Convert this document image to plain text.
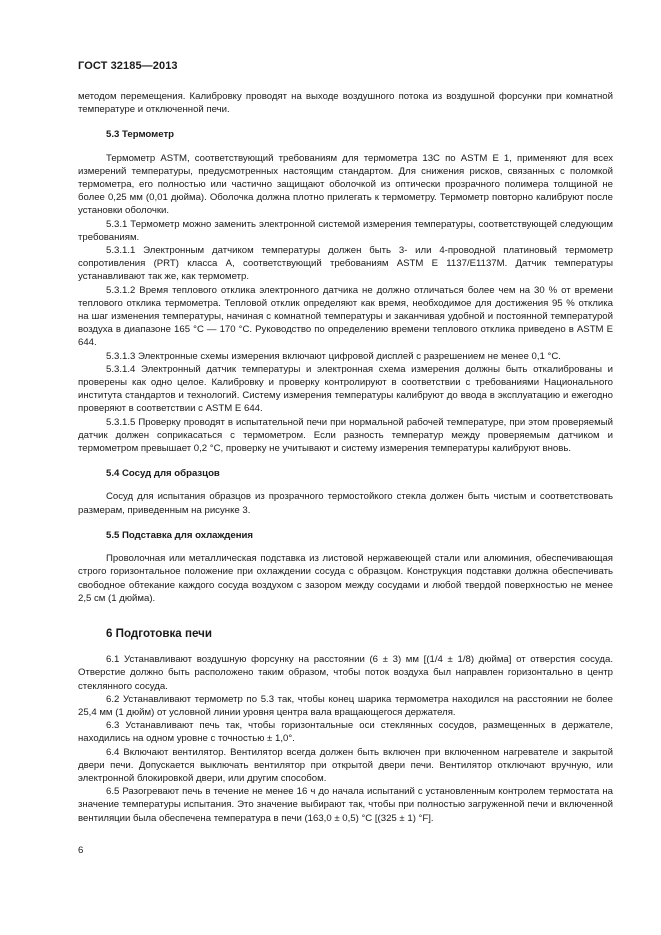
ГОСТ 32185—2013

методом перемещения. Калибровку проводят на выходе воздушного потока из воздушной форсунки при комнатной температуре и отключенной печи.

5.3 Термометр

Термометр ASTM, соответствующий требованиям для термометра 13С по ASTM E 1, применяют для всех измерений температуры, предусмотренных настоящим стандартом. Для снижения рисков, связанных с поломкой термометра, его полностью или частично защищают оболочкой из оптически прозрачного полимера толщиной не более 0,25 мм (0,01 дюйма). Оболочка должна плотно прилегать к термометру. Термометр повторно калибруют после установки оболочки.

5.3.1 Термометр можно заменить электронной системой измерения температуры, соответствующей следующим требованиям.

5.3.1.1 Электронным датчиком температуры должен быть 3- или 4-проводной платиновый термометр сопротивления (PRT) класса A, соответствующий требованиям ASTM E 1137/E1137M. Датчик температуры устанавливают так же, как термометр.

5.3.1.2 Время теплового отклика электронного датчика не должно отличаться более чем на 30 % от времени теплового отклика термометра. Тепловой отклик определяют как время, необходимое для достижения 95 % отклика на шаг изменения температуры, начиная с комнатной температуры и заканчивая удобной и постоянной температурой воздуха в диапазоне 165 °С — 170 °С. Руководство по определению времени теплового отклика приведено в ASTM E 644.

5.3.1.3 Электронные схемы измерения включают цифровой дисплей с разрешением не менее 0,1 °С.

5.3.1.4 Электронный датчик температуры и электронная схема измерения должны быть откалиброваны и проверены как одно целое. Калибровку и проверку контролируют в соответствии с требованиями Национального института стандартов и технологий. Систему измерения температуры калибруют до ввода в эксплуатацию и ежегодно проверяют в соответствии с ASTM E 644.

5.3.1.5 Проверку проводят в испытательной печи при нормальной рабочей температуре, при этом проверяемый датчик должен соприкасаться с термометром. Если разность температур между проверяемым датчиком и термометром превышает 0,2 °С, проверку не учитывают и систему измерения температуры калибруют вновь.

5.4 Сосуд для образцов

Сосуд для испытания образцов из прозрачного термостойкого стекла должен быть чистым и соответствовать размерам, приведенным на рисунке 3.

5.5 Подставка для охлаждения

Проволочная или металлическая подставка из листовой нержавеющей стали или алюминия, обеспечивающая строго горизонтальное положение при охлаждении сосуда с образцом. Конструкция подставки должна обеспечивать свободное обтекание каждого сосуда воздухом с зазором между сосудами и любой твердой поверхностью не менее 2,5 см (1 дюйма).

6 Подготовка печи

6.1 Устанавливают воздушную форсунку на расстоянии (6 ± 3) мм [(1/4 ± 1/8) дюйма] от отверстия сосуда. Отверстие должно быть расположено таким образом, чтобы поток воздуха был направлен горизонтально в центр стеклянного сосуда.

6.2 Устанавливают термометр по 5.3 так, чтобы конец шарика термометра находился на расстоянии не более 25,4 мм (1 дюйм) от условной линии уровня центра вала вращающегося держателя.

6.3 Устанавливают печь так, чтобы горизонтальные оси стеклянных сосудов, размещенных в держателе, находились на одном уровне с точностью ± 1,0°.

6.4 Включают вентилятор. Вентилятор всегда должен быть включен при включенном нагревателе и закрытой двери печи. Допускается выключать вентилятор при открытой двери печи. Вентилятор отключают вручную, или электронной блокировкой двери, или другим способом.

6.5 Разогревают печь в течение не менее 16 ч до начала испытаний с установленным контролем термостата на значение температуры испытания. Это значение выбирают так, чтобы при полностью загруженной печи и включенной вентиляции была обеспечена температура в печи (163,0 ± 0,5) °С [(325 ± 1) °F].

6
